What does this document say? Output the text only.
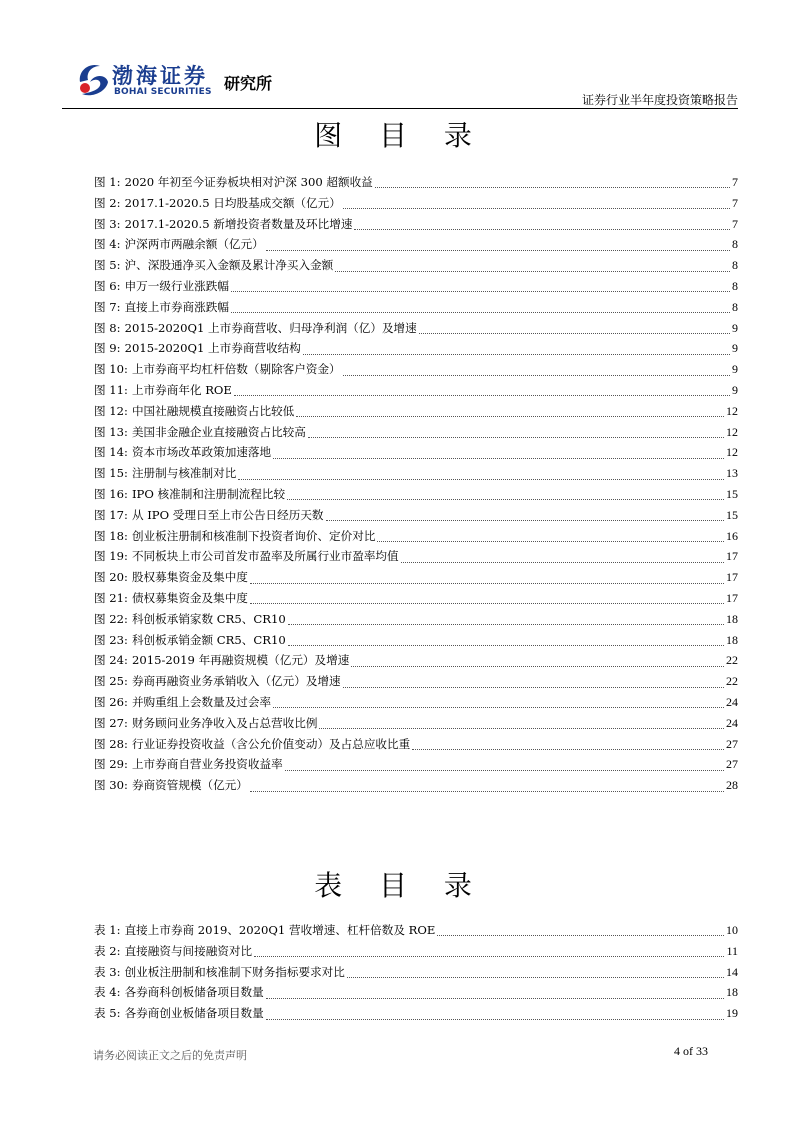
渤海证券
BOHAI SECURITIES 研究所
证券行业半年度投资策略报告
图 目 录
图 1: 2020 年初至今证券板块相对沪深 300 超额收益	7
图 2: 2017.1-2020.5 日均股基成交额（亿元）	7
图 3: 2017.1-2020.5 新增投资者数量及环比增速	7
图 4: 沪深两市两融余额（亿元）	8
图 5: 沪、深股通净买入金额及累计净买入金额	8
图 6: 申万一级行业涨跌幅	8
图 7: 直接上市券商涨跌幅	8
图 8: 2015-2020Q1 上市券商营收、归母净利润（亿）及增速	9
图 9: 2015-2020Q1 上市券商营收结构	9
图 10: 上市券商平均杠杆倍数（剔除客户资金）	9
图 11: 上市券商年化 ROE	9
图 12: 中国社融规模直接融资占比较低	12
图 13: 美国非金融企业直接融资占比较高	12
图 14: 资本市场改革政策加速落地	12
图 15: 注册制与核准制对比	13
图 16: IPO 核准制和注册制流程比较	15
图 17: 从 IPO 受理日至上市公告日经历天数	15
图 18: 创业板注册制和核准制下投资者询价、定价对比	16
图 19: 不同板块上市公司首发市盈率及所属行业市盈率均值	17
图 20: 股权募集资金及集中度	17
图 21: 债权募集资金及集中度	17
图 22: 科创板承销家数 CR5、CR10	18
图 23: 科创板承销金额 CR5、CR10	18
图 24: 2015-2019 年再融资规模（亿元）及增速	22
图 25: 券商再融资业务承销收入（亿元）及增速	22
图 26: 并购重组上会数量及过会率	24
图 27: 财务顾问业务净收入及占总营收比例	24
图 28: 行业证券投资收益（含公允价值变动）及占总应收比重	27
图 29: 上市券商自营业务投资收益率	27
图 30: 券商资管规模（亿元）	28
表 目 录
表 1: 直接上市券商 2019、2020Q1 营收增速、杠杆倍数及 ROE	10
表 2: 直接融资与间接融资对比	11
表 3: 创业板注册制和核准制下财务指标要求对比	14
表 4: 各券商科创板储备项目数量	18
表 5: 各券商创业板储备项目数量	19
请务必阅读正文之后的免责声明	4 of 33
